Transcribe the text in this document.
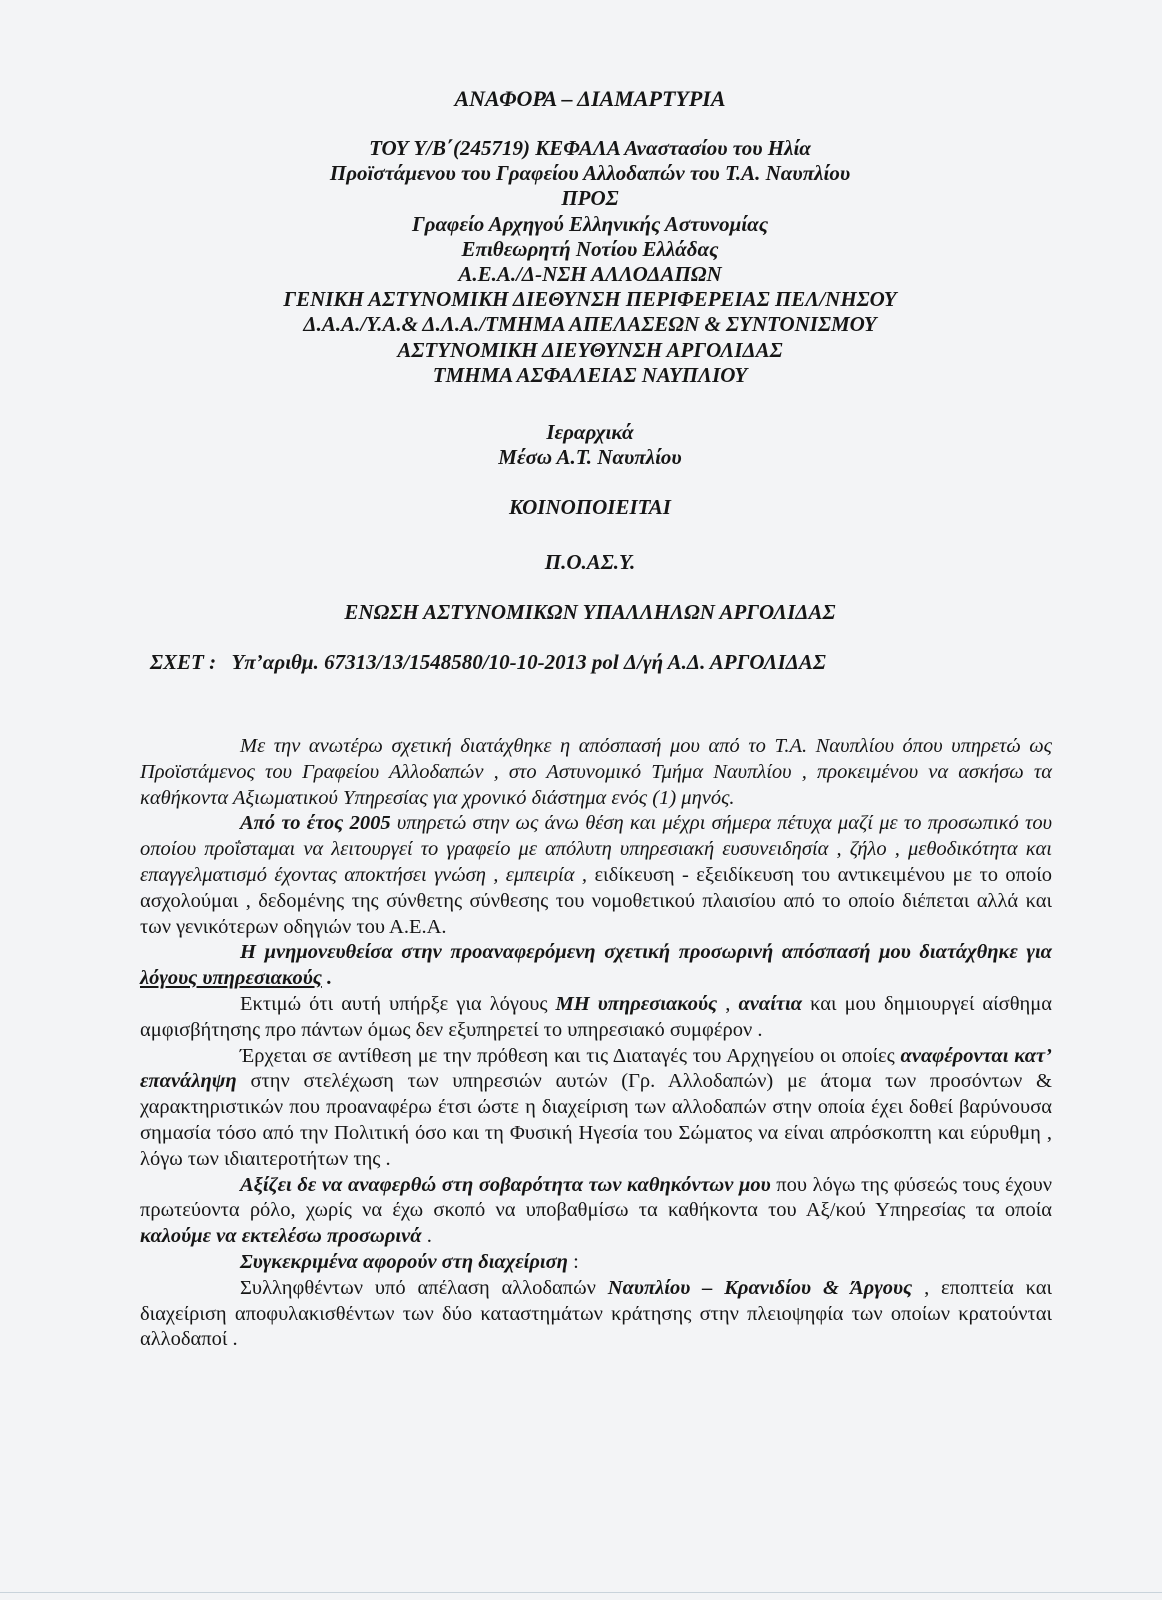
ΑΝΑΦΟΡΑ – ΔΙΑΜΑΡΤΥΡΙΑ
ΤΟΥ Υ/Β΄(245719) ΚΕΦΑΛΑ Αναστασίου του Ηλία
Προϊστάμενου του Γραφείου Αλλοδαπών του Τ.Α. Ναυπλίου
ΠΡΟΣ
Γραφείο Αρχηγού Ελληνικής Αστυνομίας
Επιθεωρητή Νοτίου Ελλάδας
Α.Ε.Α./Δ-ΝΣΗ ΑΛΛΟΔΑΠΩΝ
ΓΕΝΙΚΗ ΑΣΤΥΝΟΜΙΚΗ ΔΙΕΘΥΝΣΗ ΠΕΡΙΦΕΡΕΙΑΣ ΠΕΛ/ΝΗΣΟΥ
Δ.Α.Α./Υ.Α.& Δ.Λ.Α./ΤΜΗΜΑ ΑΠΕΛΑΣΕΩΝ & ΣΥΝΤΟΝΙΣΜΟΥ
ΑΣΤΥΝΟΜΙΚΗ ΔΙΕΥΘΥΝΣΗ ΑΡΓΟΛΙΔΑΣ
ΤΜΗΜΑ ΑΣΦΑΛΕΙΑΣ ΝΑΥΠΛΙΟΥ
Ιεραρχικά
Μέσω Α.Τ. Ναυπλίου
ΚΟΙΝΟΠΟΙΕΙΤΑΙ
Π.Ο.ΑΣ.Υ.
ΕΝΩΣΗ ΑΣΤΥΝΟΜΙΚΩΝ ΥΠΑΛΛΗΛΩΝ ΑΡΓΟΛΙΔΑΣ
ΣΧΕΤ : Υπ’αριθμ. 67313/13/1548580/10-10-2013 pol Δ/γή Α.Δ. ΑΡΓΟΛΙΔΑΣ

Με την ανωτέρω σχετική διατάχθηκε η απόσπασή μου από το Τ.Α. Ναυπλίου όπου υπηρετώ ως Προϊστάμενος του Γραφείου Αλλοδαπών , στο Αστυνομικό Τμήμα Ναυπλίου , προκειμένου να ασκήσω τα καθήκοντα Αξιωματικού Υπηρεσίας για χρονικό διάστημα ενός (1) μηνός.

Από το έτος 2005 υπηρετώ στην ως άνω θέση και μέχρι σήμερα πέτυχα μαζί με το προσωπικό του οποίου προΐσταμαι να λειτουργεί το γραφείο με απόλυτη υπηρεσιακή ευσυνειδησία , ζήλο , μεθοδικότητα και επαγγελματισμό έχοντας αποκτήσει γνώση , εμπειρία , ειδίκευση - εξειδίκευση του αντικειμένου με το οποίο ασχολούμαι , δεδομένης της σύνθετης σύνθεσης του νομοθετικού πλαισίου από το οποίο διέπεται αλλά και των γενικότερων οδηγιών του Α.Ε.Α.

Η μνημονευθείσα στην προαναφερόμενη σχετική προσωρινή απόσπασή μου διατάχθηκε για λόγους υπηρεσιακούς .

Εκτιμώ ότι αυτή υπήρξε για λόγους ΜΗ υπηρεσιακούς , αναίτια και μου δημιουργεί αίσθημα αμφισβήτησης προ πάντων όμως δεν εξυπηρετεί το υπηρεσιακό συμφέρον .

Έρχεται σε αντίθεση με την πρόθεση και τις Διαταγές του Αρχηγείου οι οποίες αναφέρονται κατ’ επανάληψη στην στελέχωση των υπηρεσιών αυτών (Γρ. Αλλοδαπών) με άτομα των προσόντων & χαρακτηριστικών που προαναφέρω έτσι ώστε η διαχείριση των αλλοδαπών στην οποία έχει δοθεί βαρύνουσα σημασία τόσο από την Πολιτική όσο και τη Φυσική Ηγεσία του Σώματος να είναι απρόσκοπτη και εύρυθμη , λόγω των ιδιαιτεροτήτων της .

Αξίζει δε να αναφερθώ στη σοβαρότητα των καθηκόντων μου που λόγω της φύσεώς τους έχουν πρωτεύοντα ρόλο, χωρίς να έχω σκοπό να υποβαθμίσω τα καθήκοντα του Αξ/κού Υπηρεσίας τα οποία καλούμε να εκτελέσω προσωρινά .

Συγκεκριμένα αφορούν στη διαχείριση :

Συλληφθέντων υπό απέλαση αλλοδαπών Ναυπλίου – Κρανιδίου & Άργους , εποπτεία και διαχείριση αποφυλακισθέντων των δύο καταστημάτων κράτησης στην πλειοψηφία των οποίων κρατούνται αλλοδαποί .
